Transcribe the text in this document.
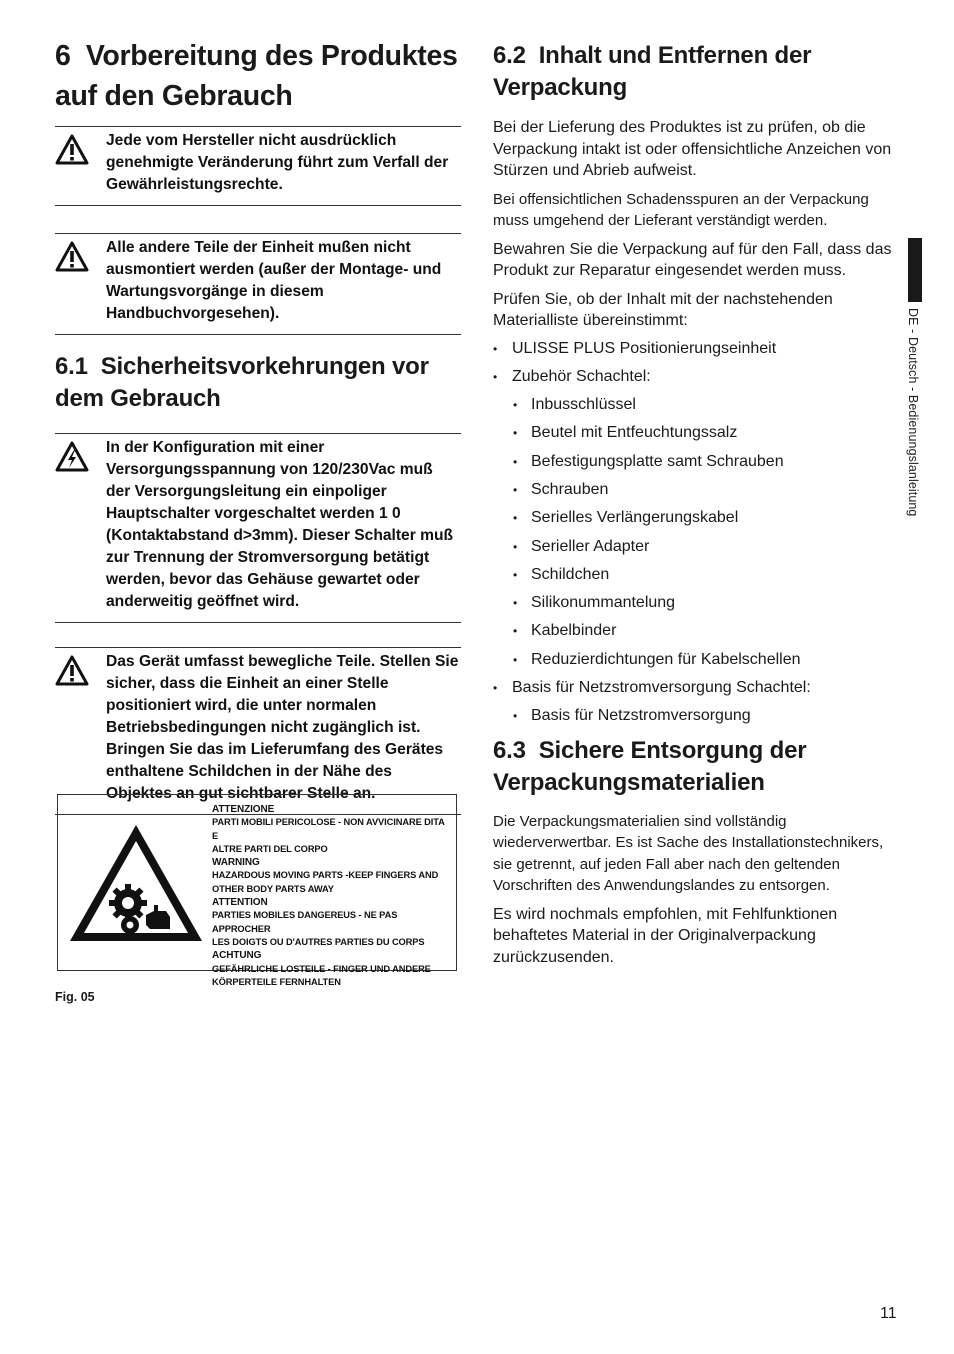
6 Vorbereitung des Produktes auf den Gebrauch
Jede vom Hersteller nicht ausdrücklich genehmigte Veränderung führt zum Verfall der Gewährleistungsrechte.
Alle andere Teile der Einheit mußen nicht ausmontiert werden (außer der Montage- und Wartungsvorgänge in diesem Handbuchvorgesehen).
6.1 Sicherheitsvorkehrungen vor dem Gebrauch
In der Konfiguration mit einer Versorgungsspannung von 120/230Vac muß der Versorgungsleitung ein einpoliger Hauptschalter vorgeschaltet werden 1 0 (Kontaktabstand d>3mm). Dieser Schalter muß zur Trennung der Stromversorgung betätigt werden, bevor das Gehäuse gewartet oder anderweitig geöffnet wird.
Das Gerät umfasst bewegliche Teile. Stellen Sie sicher, dass die Einheit an einer Stelle positioniert wird, die unter normalen Betriebsbedingungen nicht zugänglich ist. Bringen Sie das im Lieferumfang des Gerätes enthaltene Schildchen in der Nähe des Objektes an gut sichtbarer Stelle an.
ATTENZIONE
PARTI MOBILI PERICOLOSE - NON AVVICINARE DITA E
ALTRE PARTI DEL CORPO
WARNING
HAZARDOUS MOVING PARTS -KEEP FINGERS AND
OTHER BODY PARTS AWAY
ATTENTION
PARTIES MOBILES DANGEREUS - NE PAS APPROCHER
LES DOIGTS OU D'AUTRES PARTIES DU CORPS
ACHTUNG
GEFÄHRLICHE LOSTEILE - FINGER UND ANDERE
KÖRPERTEILE FERNHALTEN
Fig. 05
6.2 Inhalt und Entfernen der Verpackung

Bei der Lieferung des Produktes ist zu prüfen, ob die Verpackung intakt ist oder offensichtliche Anzeichen von Stürzen und Abrieb aufweist.

Bei offensichtlichen Schadensspuren an der Verpackung muss umgehend der Lieferant verständigt werden.

Bewahren Sie die Verpackung auf für den Fall, dass das Produkt zur Reparatur eingesendet werden muss.

Prüfen Sie, ob der Inhalt mit der nachstehenden Materialliste übereinstimmt:

• ULISSE PLUS Positionierungseinheit
• Zubehör Schachtel:
• Inbusschlüssel
• Beutel mit Entfeuchtungssalz
• Befestigungsplatte samt Schrauben
• Schrauben
• Serielles Verlängerungskabel
• Serieller Adapter
• Schildchen
• Silikonummantelung
• Kabelbinder
• Reduzierdichtungen für Kabelschellen
• Basis für Netzstromversorgung Schachtel:
• Basis für Netzstromversorgung
6.3 Sichere Entsorgung der Verpackungsmaterialien

Die Verpackungsmaterialien sind vollständig wiederverwertbar. Es ist Sache des Installationstechnikers, sie getrennt, auf jeden Fall aber nach den geltenden Vorschriften des Anwendungslandes zu entsorgen.

Es wird nochmals empfohlen, mit Fehlfunktionen behaftetes Material in der Originalverpackung zurückzusenden.

DE - Deutsch - Bedienungslanleitung
11
